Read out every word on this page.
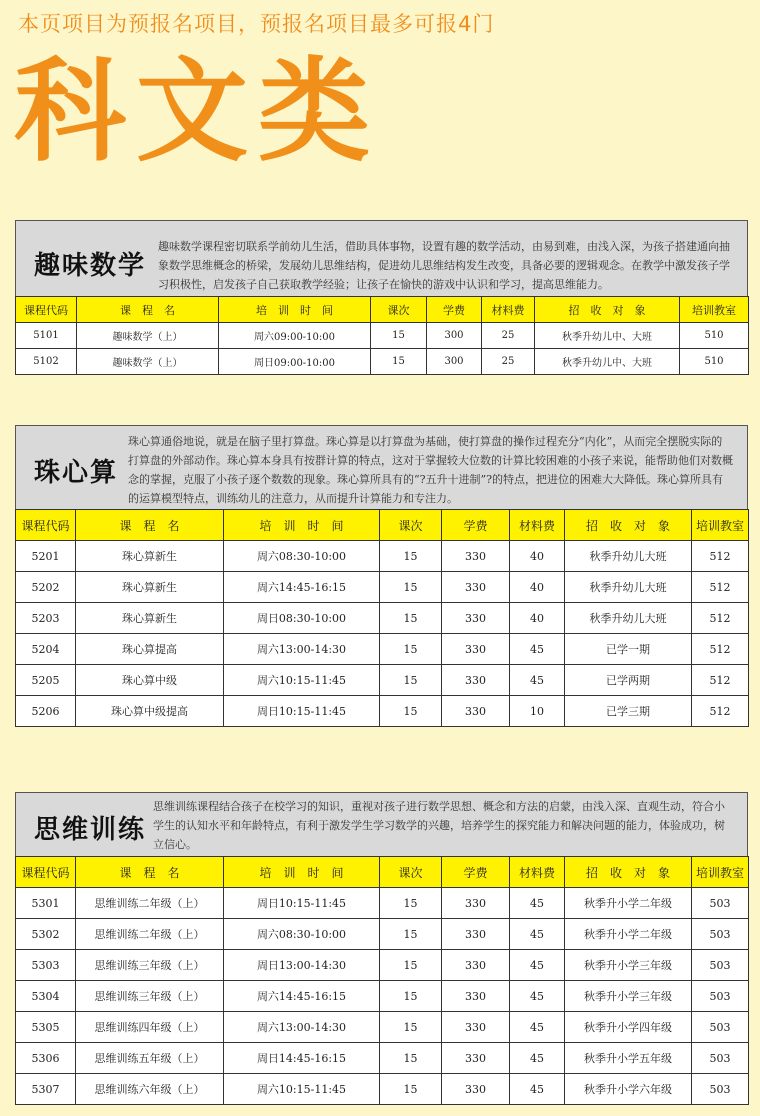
本页项目为预报名项目，预报名项目最多可报4门
科文类
趣味数学
趣味数学课程密切联系学前幼儿生活，借助具体事物，设置有趣的数学活动，由易到难，由浅入深，为孩子搭建通向抽象数学思维概念的桥梁，发展幼儿思维结构，促进幼儿思维结构发生改变，具备必要的逻辑观念。在教学中激发孩子学习积极性，启发孩子自己获取教学经验；让孩子在愉快的游戏中认识和学习，提高思维能力。
课程代码	课　程　名	培　训　时　间	课次	学费	材料费	招　收　对　象	培训教室
5101	趣味数学（上）	周六09:00-10:00	15	300	25	秋季升幼儿中、大班	510
5102	趣味数学（上）	周日09:00-10:00	15	300	25	秋季升幼儿中、大班	510
珠心算
珠心算通俗地说，就是在脑子里打算盘。珠心算是以打算盘为基础，使打算盘的操作过程充分“内化”，从而完全摆脱实际的打算盘的外部动作。珠心算本身具有按群计算的特点，这对于掌握较大位数的计算比较困难的小孩子来说，能帮助他们对数概念的掌握，克服了小孩子逐个数数的现象。珠心算所具有的“?五升十进制”?的特点，把进位的困难大大降低。珠心算所具有的运算模型特点，训练幼儿的注意力，从而提升计算能力和专注力。
课程代码	课　程　名	培　训　时　间	课次	学费	材料费	招　收　对　象	培训教室
5201	珠心算新生	周六08:30-10:00	15	330	40	秋季升幼儿大班	512
5202	珠心算新生	周六14:45-16:15	15	330	40	秋季升幼儿大班	512
5203	珠心算新生	周日08:30-10:00	15	330	40	秋季升幼儿大班	512
5204	珠心算提高	周六13:00-14:30	15	330	45	已学一期	512
5205	珠心算中级	周六10:15-11:45	15	330	45	已学两期	512
5206	珠心算中级提高	周日10:15-11:45	15	330	10	已学三期	512
思维训练
思维训练课程结合孩子在校学习的知识，重视对孩子进行数学思想、概念和方法的启蒙，由浅入深、直观生动，符合小学生的认知水平和年龄特点，有利于激发学生学习数学的兴趣，培养学生的探究能力和解决问题的能力，体验成功，树立信心。
课程代码	课　程　名	培　训　时　间	课次	学费	材料费	招　收　对　象	培训教室
5301	思维训练二年级（上）	周日10:15-11:45	15	330	45	秋季升小学二年级	503
5302	思维训练二年级（上）	周六08:30-10:00	15	330	45	秋季升小学二年级	503
5303	思维训练三年级（上）	周日13:00-14:30	15	330	45	秋季升小学三年级	503
5304	思维训练三年级（上）	周六14:45-16:15	15	330	45	秋季升小学三年级	503
5305	思维训练四年级（上）	周六13:00-14:30	15	330	45	秋季升小学四年级	503
5306	思维训练五年级（上）	周日14:45-16:15	15	330	45	秋季升小学五年级	503
5307	思维训练六年级（上）	周六10:15-11:45	15	330	45	秋季升小学六年级	503
